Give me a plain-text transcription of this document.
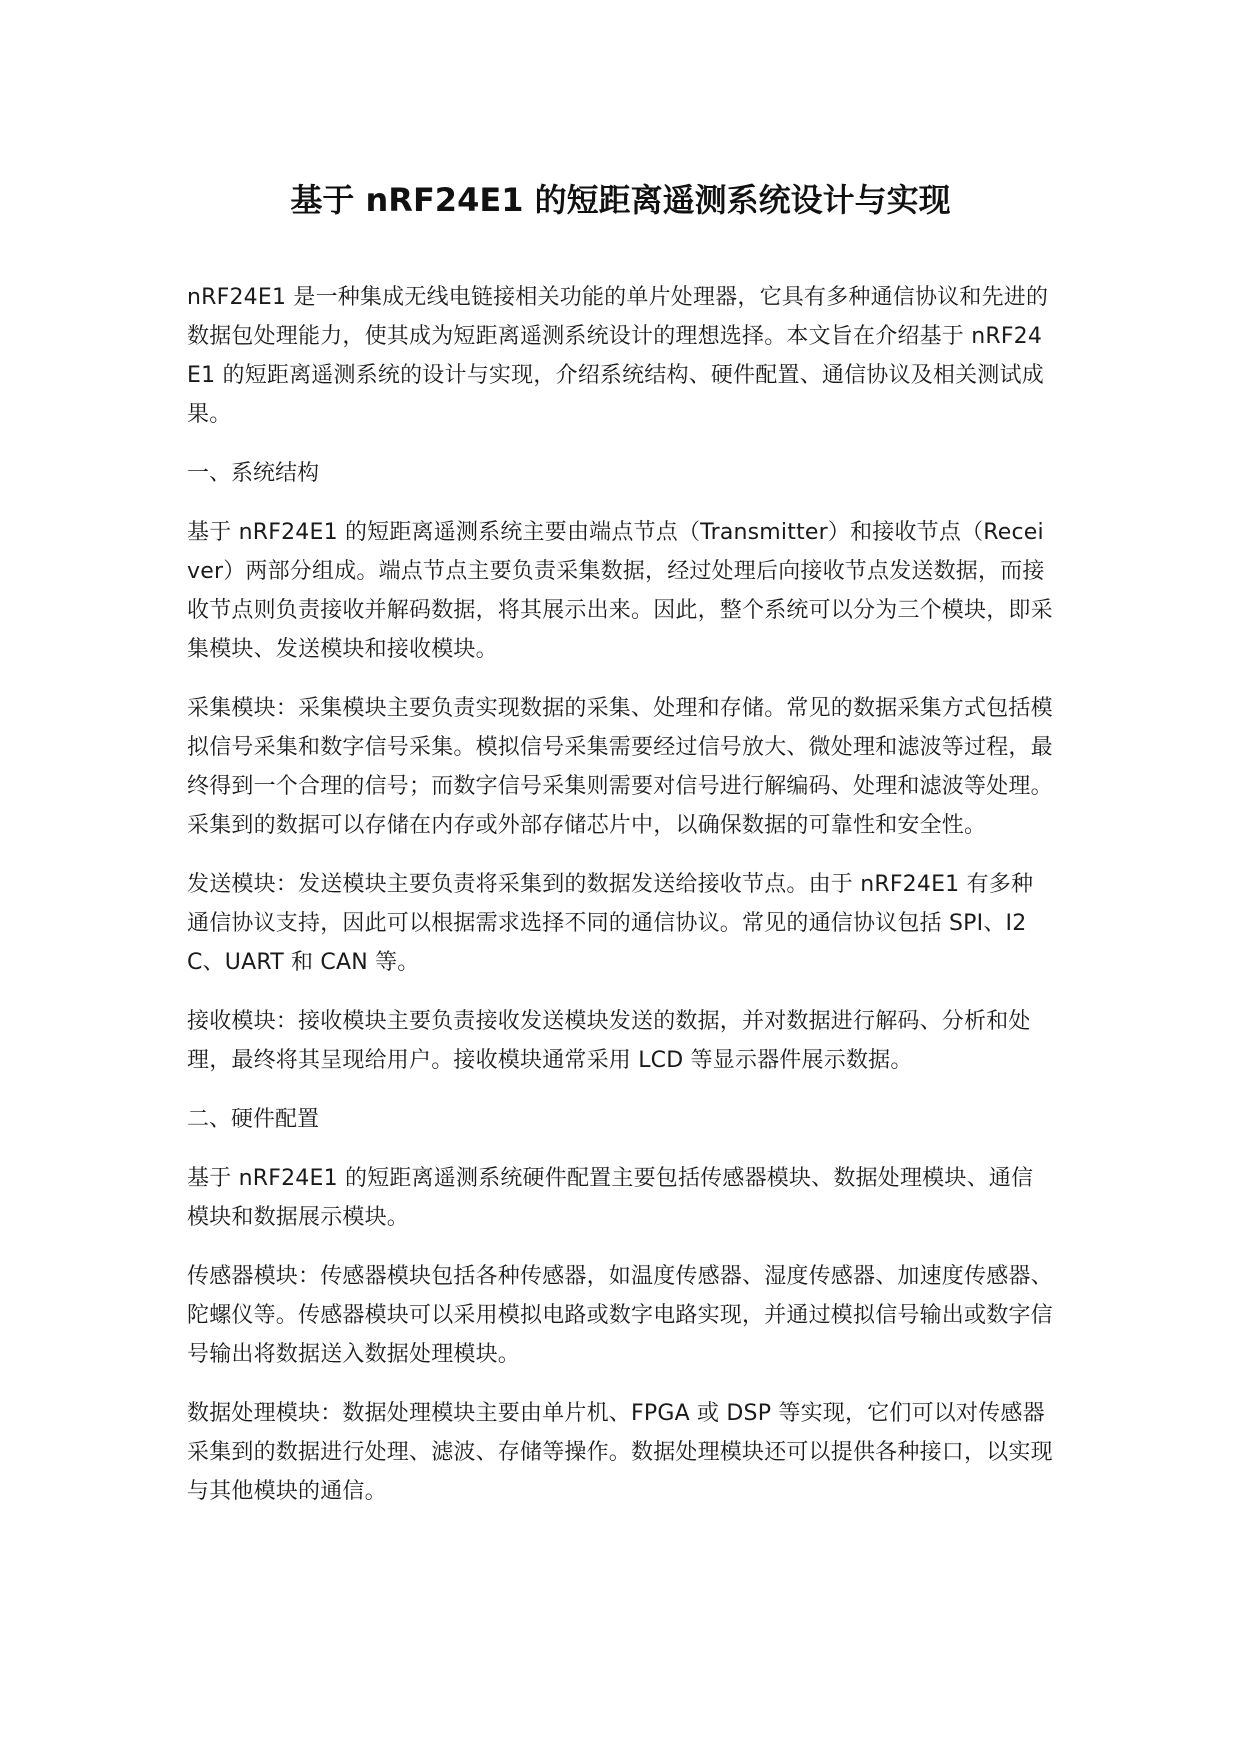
基于 nRF24E1 的短距离遥测系统设计与实现

nRF24E1 是一种集成无线电链接相关功能的单片处理器，它具有多种通信协议和先进的数据包处理能力，使其成为短距离遥测系统设计的理想选择。本文旨在介绍基于 nRF24E1 的短距离遥测系统的设计与实现，介绍系统结构、硬件配置、通信协议及相关测试成果。

一、系统结构

基于 nRF24E1 的短距离遥测系统主要由端点节点（Transmitter）和接收节点（Receiver）两部分组成。端点节点主要负责采集数据，经过处理后向接收节点发送数据，而接收节点则负责接收并解码数据，将其展示出来。因此，整个系统可以分为三个模块，即采集模块、发送模块和接收模块。

采集模块：采集模块主要负责实现数据的采集、处理和存储。常见的数据采集方式包括模拟信号采集和数字信号采集。模拟信号采集需要经过信号放大、微处理和滤波等过程，最终得到一个合理的信号；而数字信号采集则需要对信号进行解编码、处理和滤波等处理。采集到的数据可以存储在内存或外部存储芯片中，以确保数据的可靠性和安全性。

发送模块：发送模块主要负责将采集到的数据发送给接收节点。由于 nRF24E1 有多种通信协议支持，因此可以根据需求选择不同的通信协议。常见的通信协议包括 SPI、I2C、UART 和 CAN 等。

接收模块：接收模块主要负责接收发送模块发送的数据，并对数据进行解码、分析和处理，最终将其呈现给用户。接收模块通常采用 LCD 等显示器件展示数据。

二、硬件配置

基于 nRF24E1 的短距离遥测系统硬件配置主要包括传感器模块、数据处理模块、通信模块和数据展示模块。

传感器模块：传感器模块包括各种传感器，如温度传感器、湿度传感器、加速度传感器、陀螺仪等。传感器模块可以采用模拟电路或数字电路实现，并通过模拟信号输出或数字信号输出将数据送入数据处理模块。

数据处理模块：数据处理模块主要由单片机、FPGA 或 DSP 等实现，它们可以对传感器采集到的数据进行处理、滤波、存储等操作。数据处理模块还可以提供各种接口，以实现与其他模块的通信。
